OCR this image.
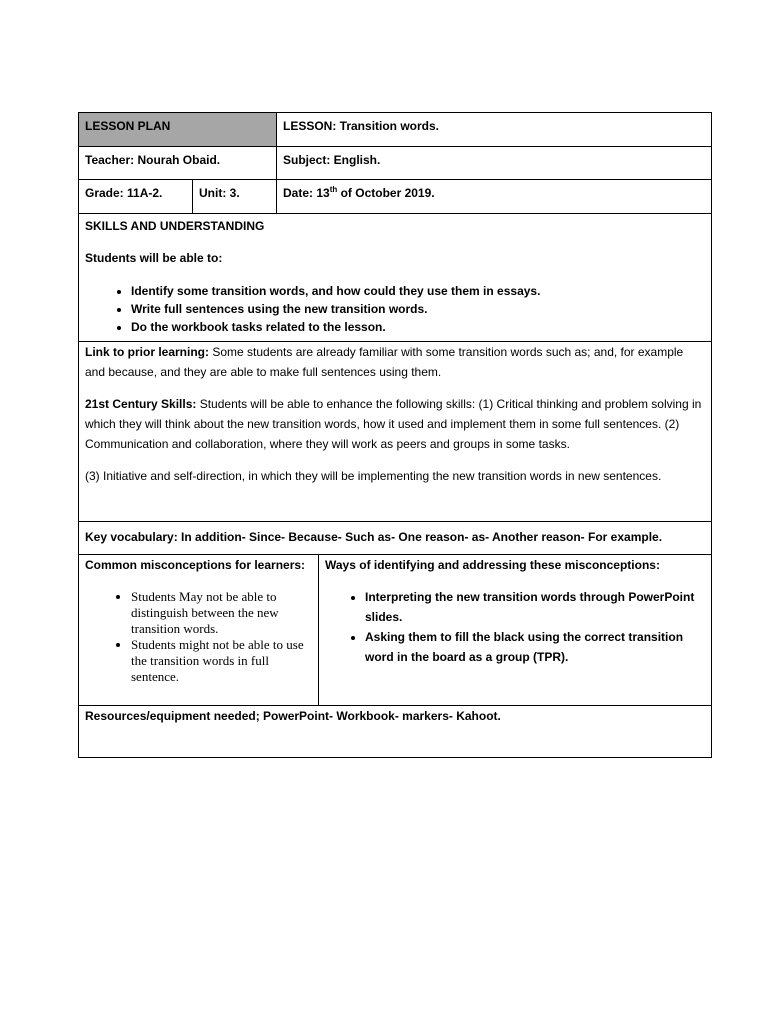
LESSON PLAN	LESSON: Transition words.
Teacher: Nourah Obaid.	Subject: English.
Grade: 11A-2.	Unit: 3.	Date: 13th of October 2019.

SKILLS AND UNDERSTANDING

Students will be able to:

• Identify some transition words, and how could they use them in essays.
• Write full sentences using the new transition words.
• Do the workbook tasks related to the lesson.

Link to prior learning: Some students are already familiar with some transition words such as; and, for example and because, and they are able to make full sentences using them.

21st Century Skills: Students will be able to enhance the following skills: (1) Critical thinking and problem solving in which they will think about the new transition words, how it used and implement them in some full sentences. (2) Communication and collaboration, where they will work as peers and groups in some tasks.

(3) Initiative and self-direction, in which they will be implementing the new transition words in new sentences.

Key vocabulary: In addition- Since- Because- Such as- One reason- as- Another reason- For example.

Common misconceptions for learners:

• Students May not be able to distinguish between the new transition words.
• Students might not be able to use the transition words in full sentence.

Ways of identifying and addressing these misconceptions:

• Interpreting the new transition words through PowerPoint slides.
• Asking them to fill the black using the correct transition word in the board as a group (TPR).

Resources/equipment needed; PowerPoint- Workbook- markers- Kahoot.
